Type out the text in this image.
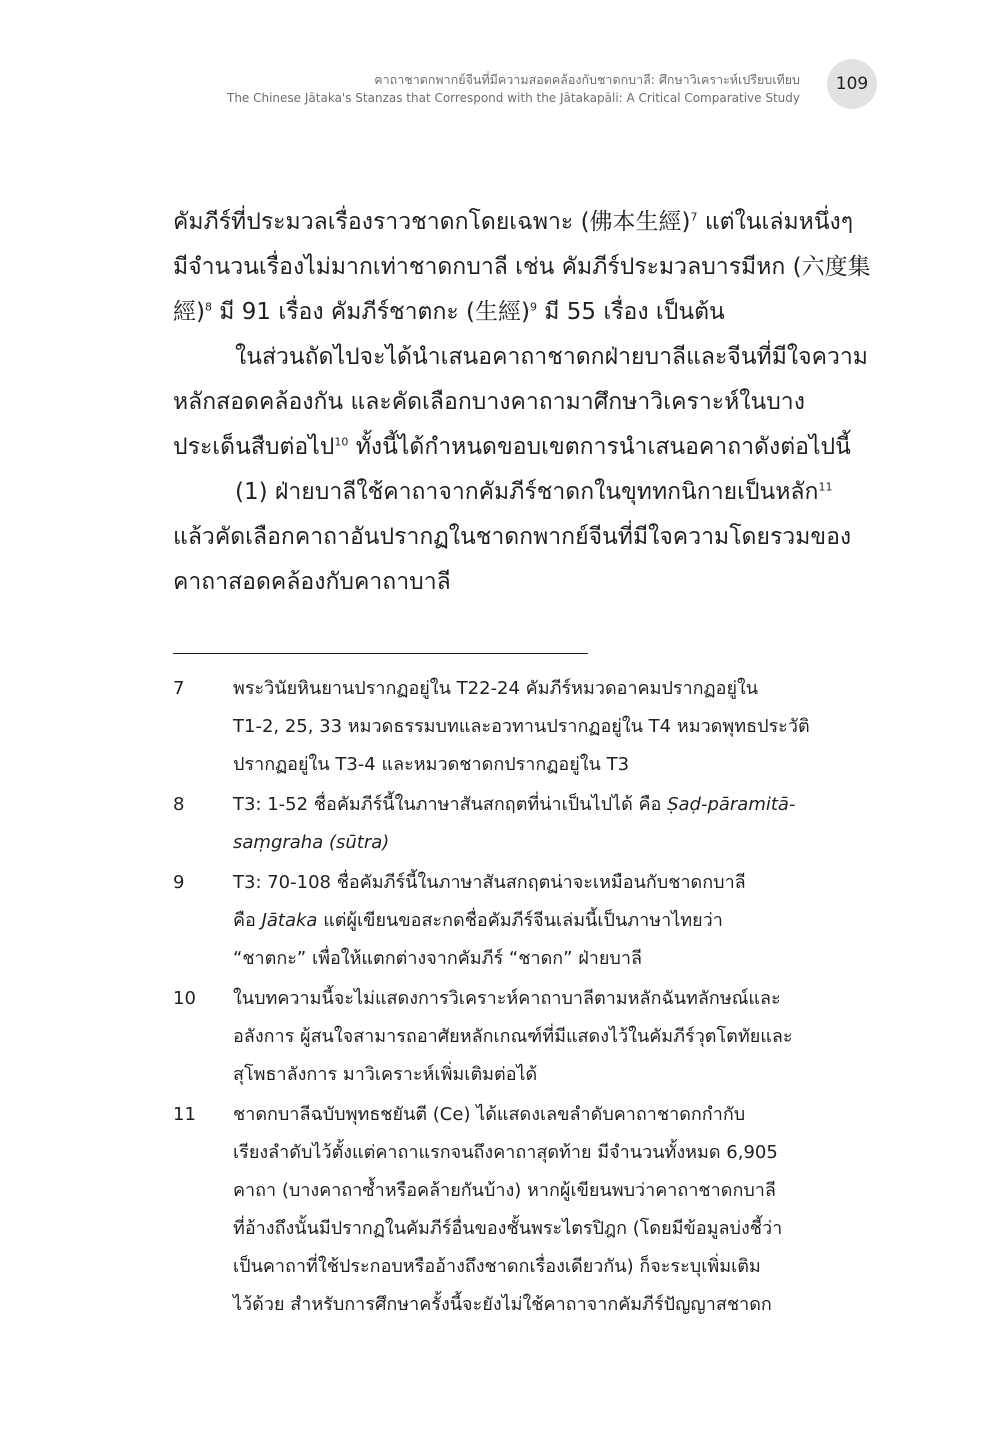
คาถาชาดกพากย์จีนที่มีความสอดคล้องกับชาดกบาลี: ศึกษาวิเคราะห์เปรียบเทียบ
The Chinese Jātaka's Stanzas that Correspond with the Jātakapāli: A Critical Comparative Study
109

คัมภีร์ที่ประมวลเรื่องราวชาดกโดยเฉพาะ (佛本生經)$^7$ แต่ในเล่มหนึ่งๆ

มีจำนวนเรื่องไม่มากเท่าชาดกบาลี เช่น คัมภีร์ประมวลบารมีหก (六度集

經)$^8$ มี 91 เรื่อง คัมภีร์ชาตกะ (生經)$^9$ มี 55 เรื่อง เป็นต้น

ในส่วนถัดไปจะได้นำเสนอคาถาชาดกฝ่ายบาลีและจีนที่มีใจความ

หลักสอดคล้องกัน และคัดเลือกบางคาถามาศึกษาวิเคราะห์ในบาง

ประเด็นสืบต่อไป$^{10}$ ทั้งนี้ได้กำหนดขอบเขตการนำเสนอคาถาดังต่อไปนี้

(1) ฝ่ายบาลีใช้คาถาจากคัมภีร์ชาดกในขุททกนิกายเป็นหลัก$^{11}$

แล้วคัดเลือกคาถาอันปรากฏในชาดกพากย์จีนที่มีใจความโดยรวมของ

คาถาสอดคล้องกับคาถาบาลี

7	พระวินัยหินยานปรากฏอยู่ใน T22-24 คัมภีร์หมวดอาคมปรากฏอยู่ใน
T1-2, 25, 33 หมวดธรรมบทและอวทานปรากฏอยู่ใน T4 หมวดพุทธประวัติ
ปรากฏอยู่ใน T3-4 และหมวดชาดกปรากฏอยู่ใน T3
8	T3: 1-52 ชื่อคัมภีร์นี้ในภาษาสันสกฤตที่น่าเป็นไปได้ คือ Ṣaḍ-pāramitā-
saṃgraha (sūtra)
9	T3: 70-108 ชื่อคัมภีร์นี้ในภาษาสันสกฤตน่าจะเหมือนกับชาดกบาลี
คือ Jātaka แต่ผู้เขียนขอสะกดชื่อคัมภีร์จีนเล่มนี้เป็นภาษาไทยว่า
“ชาตกะ” เพื่อให้แตกต่างจากคัมภีร์ “ชาดก” ฝ่ายบาลี
10 ในบทความนี้จะไม่แสดงการวิเคราะห์คาถาบาลีตามหลักฉันทลักษณ์และ
อลังการ ผู้สนใจสามารถอาศัยหลักเกณฑ์ที่มีแสดงไว้ในคัมภีร์วุตโตทัยและ
สุโพธาลังการ มาวิเคราะห์เพิ่มเติมต่อได้
11 ชาดกบาลีฉบับพุทธชยันตี (Ce) ได้แสดงเลขลำดับคาถาชาดกกำกับ
เรียงลำดับไว้ตั้งแต่คาถาแรกจนถึงคาถาสุดท้าย มีจำนวนทั้งหมด 6,905
คาถา (บางคาถาซ้ำหรือคล้ายกันบ้าง) หากผู้เขียนพบว่าคาถาชาดกบาลี
ที่อ้างถึงนั้นมีปรากฏในคัมภีร์อื่นของชั้นพระไตรปิฎก (โดยมีข้อมูลบ่งชี้ว่า
เป็นคาถาที่ใช้ประกอบหรืออ้างถึงชาดกเรื่องเดียวกัน) ก็จะระบุเพิ่มเติม
ไว้ด้วย สำหรับการศึกษาครั้งนี้จะยังไม่ใช้คาถาจากคัมภีร์ปัญญาสชาดก
